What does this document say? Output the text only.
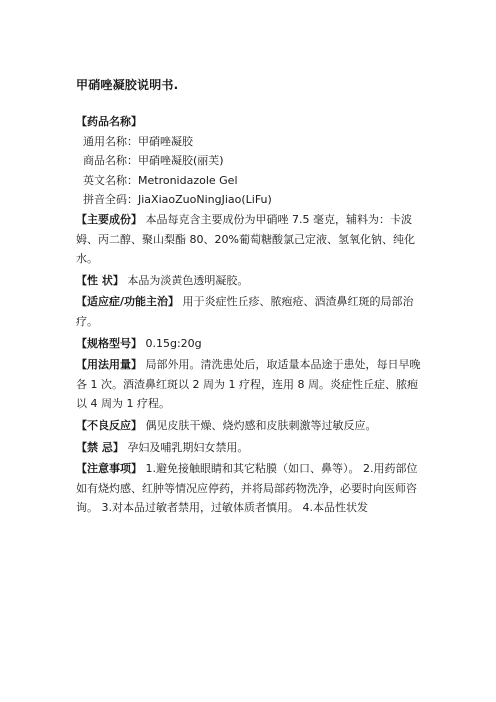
甲硝唑凝胶说明书.
【药品名称】
通用名称：甲硝唑凝胶
商品名称：甲硝唑凝胶(丽芙)
英文名称：Metronidazole Gel
拼音全码：JiaXiaoZuoNingJiao(LiFu)

【主要成份】 本品每克含主要成份为甲硝唑 7.5 毫克，辅料为：卡波姆、丙二醇、聚山梨酯 80、20%葡萄糖酸氯己定液、氢氧化钠、纯化水。

【性 状】 本品为淡黄色透明凝胶。

【适应症/功能主治】 用于炎症性丘疹、脓疱疮、酒渣鼻红斑的局部治疗。

【规格型号】 0.15g:20g

【用法用量】 局部外用。清洗患处后，取适量本品途于患处，每日早晚各 1 次。酒渣鼻红斑以 2 周为 1 疗程，连用 8 周。炎症性丘症、脓疱以 4 周为 1 疗程。

【不良反应】 偶见皮肤干燥、烧灼感和皮肤刺激等过敏反应。

【禁 忌】 孕妇及哺乳期妇女禁用。

【注意事项】 1.避免接触眼睛和其它粘膜（如口、鼻等）。 2.用药部位如有烧灼感、红肿等情况应停药，并将局部药物洗净，必要时向医师咨询。 3.对本品过敏者禁用，过敏体质者慎用。 4.本品性状发
